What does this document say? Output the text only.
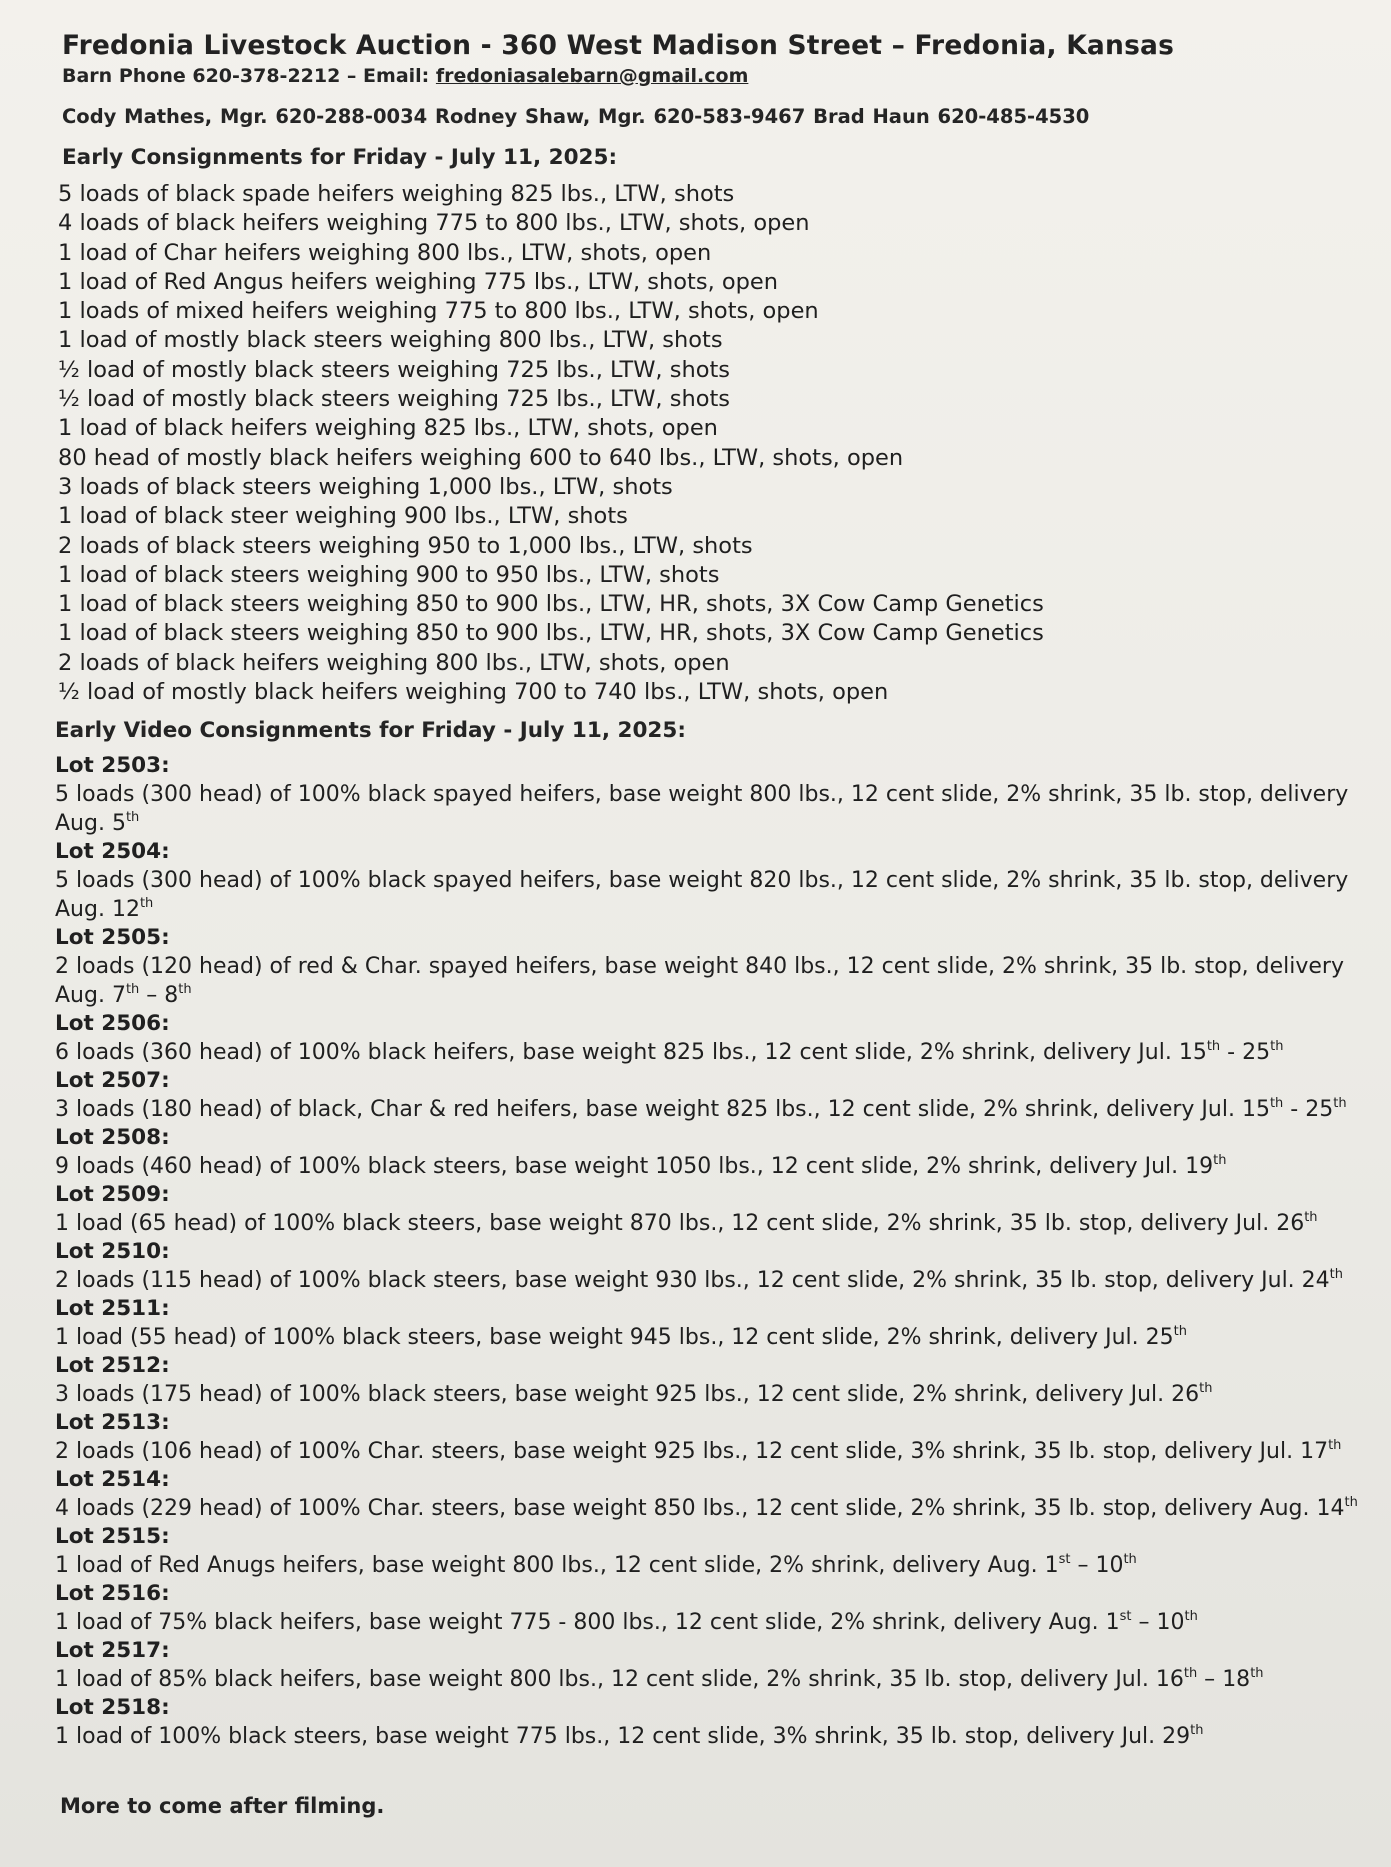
Fredonia Livestock Auction - 360 West Madison Street – Fredonia, Kansas
Barn Phone 620-378-2212 – Email: fredoniasalebarn@gmail.com
Cody Mathes, Mgr. 620-288-0034 Rodney Shaw, Mgr. 620-583-9467 Brad Haun 620-485-4530
Early Consignments for Friday - July 11, 2025:
5 loads of black spade heifers weighing 825 lbs., LTW, shots
4 loads of black heifers weighing 775 to 800 lbs., LTW, shots, open
1 load of Char heifers weighing 800 lbs., LTW, shots, open
1 load of Red Angus heifers weighing 775 lbs., LTW, shots, open
1 loads of mixed heifers weighing 775 to 800 lbs., LTW, shots, open
1 load of mostly black steers weighing 800 lbs., LTW, shots
½ load of mostly black steers weighing 725 lbs., LTW, shots
½ load of mostly black steers weighing 725 lbs., LTW, shots
1 load of black heifers weighing 825 lbs., LTW, shots, open
80 head of mostly black heifers weighing 600 to 640 lbs., LTW, shots, open
3 loads of black steers weighing 1,000 lbs., LTW, shots
1 load of black steer weighing 900 lbs., LTW, shots
2 loads of black steers weighing 950 to 1,000 lbs., LTW, shots
1 load of black steers weighing 900 to 950 lbs., LTW, shots
1 load of black steers weighing 850 to 900 lbs., LTW, HR, shots, 3X Cow Camp Genetics
1 load of black steers weighing 850 to 900 lbs., LTW, HR, shots, 3X Cow Camp Genetics
2 loads of black heifers weighing 800 lbs., LTW, shots, open
½ load of mostly black heifers weighing 700 to 740 lbs., LTW, shots, open
Early Video Consignments for Friday - July 11, 2025:
Lot 2503:
5 loads (300 head) of 100% black spayed heifers, base weight 800 lbs., 12 cent slide, 2% shrink, 35 lb. stop, delivery
Aug. 5th
Lot 2504:
5 loads (300 head) of 100% black spayed heifers, base weight 820 lbs., 12 cent slide, 2% shrink, 35 lb. stop, delivery
Aug. 12th
Lot 2505:
2 loads (120 head) of red & Char. spayed heifers, base weight 840 lbs., 12 cent slide, 2% shrink, 35 lb. stop, delivery
Aug. 7th – 8th
Lot 2506:
6 loads (360 head) of 100% black heifers, base weight 825 lbs., 12 cent slide, 2% shrink, delivery Jul. 15th - 25th
Lot 2507:
3 loads (180 head) of black, Char & red heifers, base weight 825 lbs., 12 cent slide, 2% shrink, delivery Jul. 15th - 25th
Lot 2508:
9 loads (460 head) of 100% black steers, base weight 1050 lbs., 12 cent slide, 2% shrink, delivery Jul. 19th
Lot 2509:
1 load (65 head) of 100% black steers, base weight 870 lbs., 12 cent slide, 2% shrink, 35 lb. stop, delivery Jul. 26th
Lot 2510:
2 loads (115 head) of 100% black steers, base weight 930 lbs., 12 cent slide, 2% shrink, 35 lb. stop, delivery Jul. 24th
Lot 2511:
1 load (55 head) of 100% black steers, base weight 945 lbs., 12 cent slide, 2% shrink, delivery Jul. 25th
Lot 2512:
3 loads (175 head) of 100% black steers, base weight 925 lbs., 12 cent slide, 2% shrink, delivery Jul. 26th
Lot 2513:
2 loads (106 head) of 100% Char. steers, base weight 925 lbs., 12 cent slide, 3% shrink, 35 lb. stop, delivery Jul. 17th
Lot 2514:
4 loads (229 head) of 100% Char. steers, base weight 850 lbs., 12 cent slide, 2% shrink, 35 lb. stop, delivery Aug. 14th
Lot 2515:
1 load of Red Anugs heifers, base weight 800 lbs., 12 cent slide, 2% shrink, delivery Aug. 1st – 10th
Lot 2516:
1 load of 75% black heifers, base weight 775 - 800 lbs., 12 cent slide, 2% shrink, delivery Aug. 1st – 10th
Lot 2517:
1 load of 85% black heifers, base weight 800 lbs., 12 cent slide, 2% shrink, 35 lb. stop, delivery Jul. 16th – 18th
Lot 2518:
1 load of 100% black steers, base weight 775 lbs., 12 cent slide, 3% shrink, 35 lb. stop, delivery Jul. 29th
More to come after filming.
